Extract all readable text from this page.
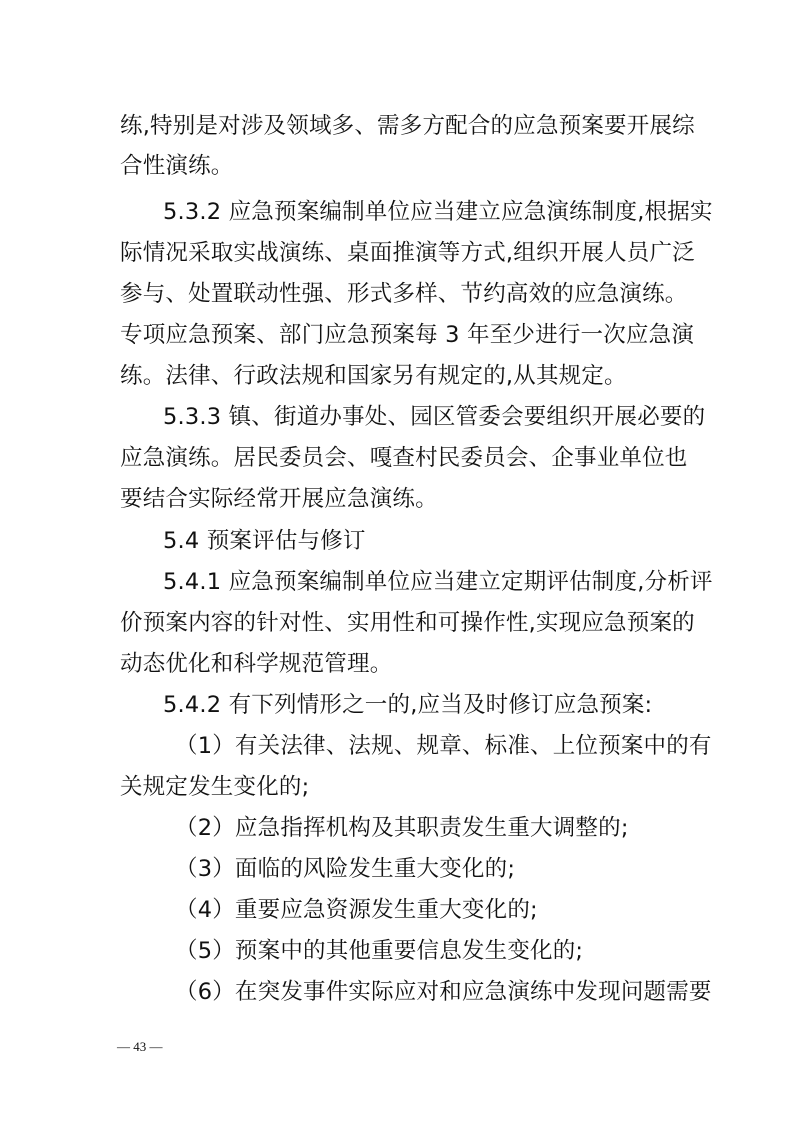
练,特别是对涉及领域多、需多方配合的应急预案要开展综
合性演练。
5.3.2 应急预案编制单位应当建立应急演练制度,根据实
际情况采取实战演练、桌面推演等方式,组织开展人员广泛
参与、处置联动性强、形式多样、节约高效的应急演练。
专项应急预案、部门应急预案每 3 年至少进行一次应急演
练。法律、行政法规和国家另有规定的,从其规定。
5.3.3 镇、街道办事处、园区管委会要组织开展必要的
应急演练。居民委员会、嘎查村民委员会、企事业单位也
要结合实际经常开展应急演练。
5.4 预案评估与修订
5.4.1 应急预案编制单位应当建立定期评估制度,分析评
价预案内容的针对性、实用性和可操作性,实现应急预案的
动态优化和科学规范管理。
5.4.2 有下列情形之一的,应当及时修订应急预案:
（1）有关法律、法规、规章、标准、上位预案中的有
关规定发生变化的;
（2）应急指挥机构及其职责发生重大调整的;
（3）面临的风险发生重大变化的;
（4）重要应急资源发生重大变化的;
（5）预案中的其他重要信息发生变化的;
（6）在突发事件实际应对和应急演练中发现问题需要
— 43 —
